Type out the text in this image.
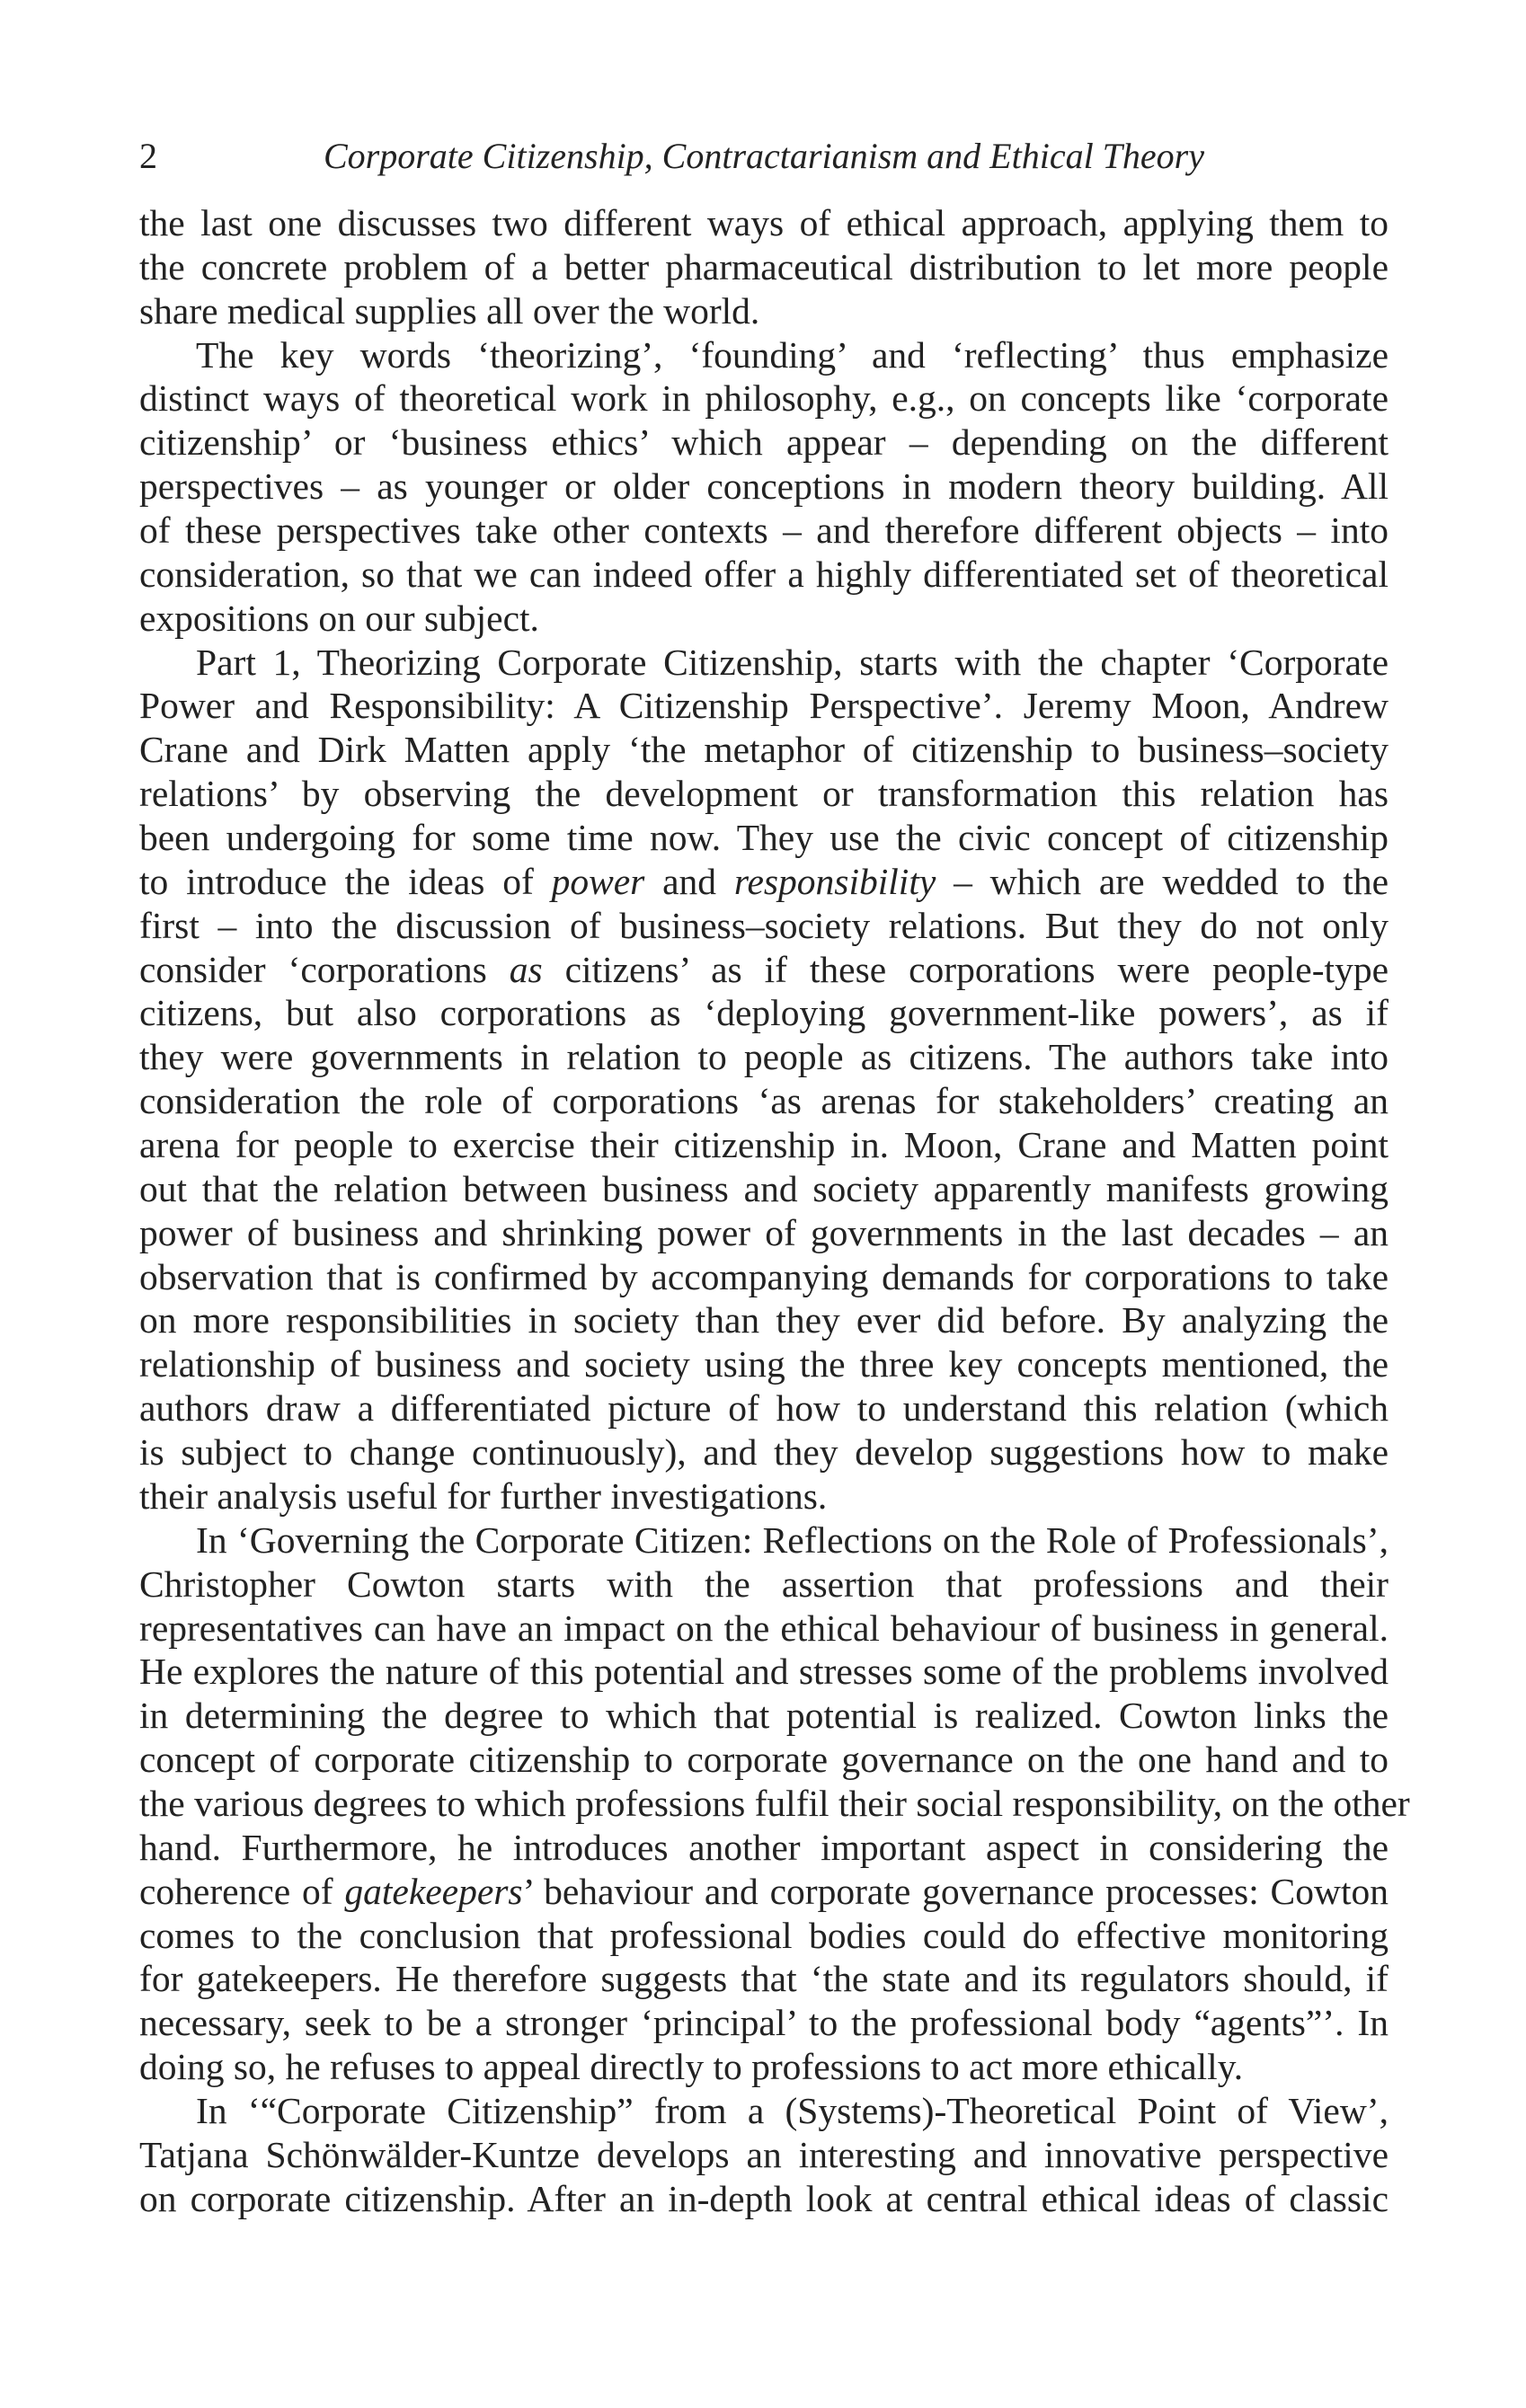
2	Corporate Citizenship, Contractarianism and Ethical Theory
the last one discusses two different ways of ethical approach, applying them to
the concrete problem of a better pharmaceutical distribution to let more people
share medical supplies all over the world.
The key words ‘theorizing’, ‘founding’ and ‘reflecting’ thus emphasize
distinct ways of theoretical work in philosophy, e.g., on concepts like ‘corporate
citizenship’ or ‘business ethics’ which appear – depending on the different
perspectives – as younger or older conceptions in modern theory building. All
of these perspectives take other contexts – and therefore different objects – into
consideration, so that we can indeed offer a highly differentiated set of theoretical
expositions on our subject.
Part 1, Theorizing Corporate Citizenship, starts with the chapter ‘Corporate
Power and Responsibility: A Citizenship Perspective’. Jeremy Moon, Andrew
Crane and Dirk Matten apply ‘the metaphor of citizenship to business–society
relations’ by observing the development or transformation this relation has
been undergoing for some time now. They use the civic concept of citizenship
to introduce the ideas of power and responsibility – which are wedded to the
first – into the discussion of business–society relations. But they do not only
consider ‘corporations as citizens’ as if these corporations were people-type
citizens, but also corporations as ‘deploying government-like powers’, as if
they were governments in relation to people as citizens. The authors take into
consideration the role of corporations ‘as arenas for stakeholders’ creating an
arena for people to exercise their citizenship in. Moon, Crane and Matten point
out that the relation between business and society apparently manifests growing
power of business and shrinking power of governments in the last decades – an
observation that is confirmed by accompanying demands for corporations to take
on more responsibilities in society than they ever did before. By analyzing the
relationship of business and society using the three key concepts mentioned, the
authors draw a differentiated picture of how to understand this relation (which
is subject to change continuously), and they develop suggestions how to make
their analysis useful for further investigations.
In ‘Governing the Corporate Citizen: Reflections on the Role of Professionals’,
Christopher Cowton starts with the assertion that professions and their
representatives can have an impact on the ethical behaviour of business in general.
He explores the nature of this potential and stresses some of the problems involved
in determining the degree to which that potential is realized. Cowton links the
concept of corporate citizenship to corporate governance on the one hand and to
the various degrees to which professions fulfil their social responsibility, on the other
hand. Furthermore, he introduces another important aspect in considering the
coherence of gatekeepers’ behaviour and corporate governance processes: Cowton
comes to the conclusion that professional bodies could do effective monitoring
for gatekeepers. He therefore suggests that ‘the state and its regulators should, if
necessary, seek to be a stronger ‘principal’ to the professional body “agents”’. In
doing so, he refuses to appeal directly to professions to act more ethically.
In ‘“Corporate Citizenship” from a (Systems)-Theoretical Point of View’,
Tatjana Schönwälder-Kuntze develops an interesting and innovative perspective
on corporate citizenship. After an in-depth look at central ethical ideas of classic
